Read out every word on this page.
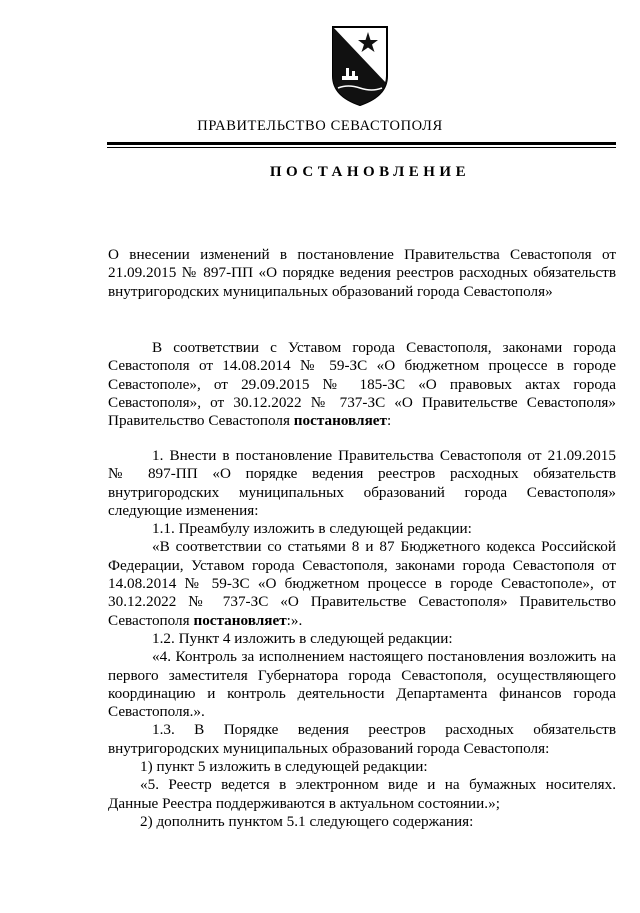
ПРАВИТЕЛЬСТВО СЕВАСТОПОЛЯ
ПОСТАНОВЛЕНИЕ
О внесении изменений в постановление Правительства Севастополя от 21.09.2015 № 897-ПП «О порядке ведения реестров расходных обязательств внутригородских муниципальных образований города Севастополя»
В соответствии с Уставом города Севастополя, законами города Севастополя от 14.08.2014 № 59-ЗС «О бюджетном процессе в городе Севастополе», от 29.09.2015 № 185-ЗС «О правовых актах города Севастополя», от 30.12.2022 № 737-ЗС «О Правительстве Севастополя» Правительство Севастополя постановляет:

1. Внести в постановление Правительства Севастополя от 21.09.2015 № 897-ПП «О порядке ведения реестров расходных обязательств внутригородских муниципальных образований города Севастополя» следующие изменения:

1.1. Преамбулу изложить в следующей редакции:

«В соответствии со статьями 8 и 87 Бюджетного кодекса Российской Федерации, Уставом города Севастополя, законами города Севастополя от 14.08.2014 № 59-ЗС «О бюджетном процессе в городе Севастополе», от 30.12.2022 № 737-ЗС «О Правительстве Севастополя» Правительство Севастополя постановляет:».

1.2. Пункт 4 изложить в следующей редакции:

«4. Контроль за исполнением настоящего постановления возложить на первого заместителя Губернатора города Севастополя, осуществляющего координацию и контроль деятельности Департамента финансов города Севастополя.».

1.3. В Порядке ведения реестров расходных обязательств внутригородских муниципальных образований города Севастополя:

1) пункт 5 изложить в следующей редакции:

«5. Реестр ведется в электронном виде и на бумажных носителях. Данные Реестра поддерживаются в актуальном состоянии.»;

2) дополнить пунктом 5.1 следующего содержания:
